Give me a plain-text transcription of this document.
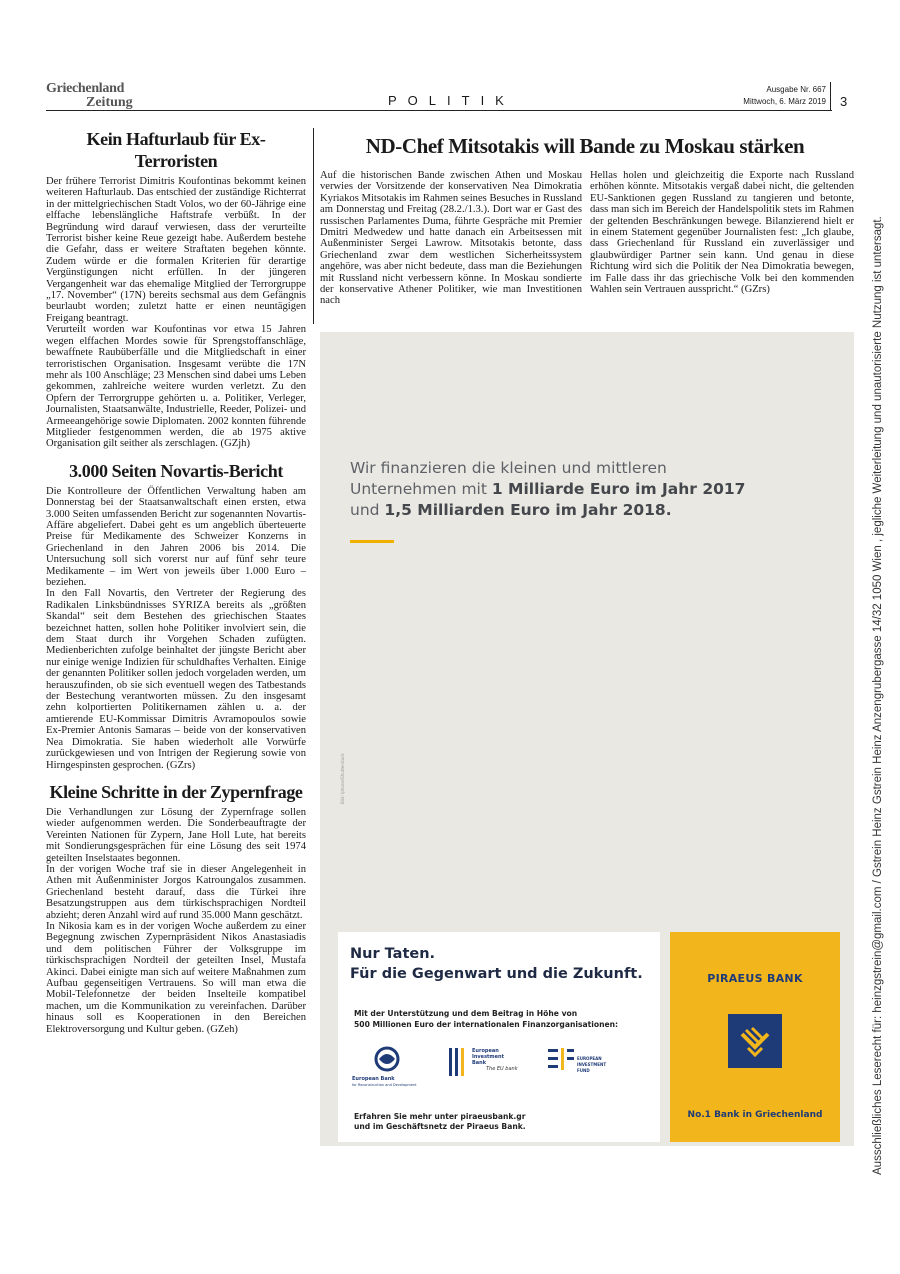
Griechenland
Zeitung	POLITIK
Ausgabe Nr. 667
Mittwoch, 6. März 2019 3
Ausschließliches Leserecht für: heinzgstrein@gmail.com / Gstrein Heinz Gstrein Heinz Anzengrubergasse 14/32 1050 Wien , jegliche Weiterleitung und unautorisierte Nutzung ist untersagt.
Kein Hafturlaub für Ex-Terroristen
Der frühere Terrorist Dimitris Koufontinas bekommt keinen weiteren Hafturlaub. Das entschied der zuständige Richterrat in der mittelgriechischen Stadt Volos, wo der 60-Jährige eine elffache lebenslängliche Haftstrafe verbüßt. In der Begründung wird darauf verwiesen, dass der verurteilte Terrorist bisher keine Reue gezeigt habe. Außerdem bestehe die Gefahr, dass er weitere Straftaten begehen könnte. Zudem würde er die formalen Kriterien für derartige Vergünstigungen nicht erfüllen. In der jüngeren Vergangenheit war das ehemalige Mitglied der Terrorgruppe „17. November“ (17N) bereits sechsmal aus dem Gefängnis beurlaubt worden; zuletzt hatte er einen neuntägigen Freigang beantragt.
Verurteilt worden war Koufontinas vor etwa 15 Jahren wegen elffachen Mordes sowie für Sprengstoffanschläge, bewaffnete Raubüberfälle und die Mitgliedschaft in einer terroristischen Organisation. Insgesamt verübte die 17N mehr als 100 Anschläge; 23 Menschen sind dabei ums Leben gekommen, zahlreiche weitere wurden verletzt. Zu den Opfern der Terrorgruppe gehörten u. a. Politiker, Verleger, Journalisten, Staatsanwälte, Industrielle, Reeder, Polizei- und Armeeangehörige sowie Diplomaten. 2002 konnten führende Mitglieder festgenommen werden, die ab 1975 aktive Organisation gilt seither als zerschlagen. (GZjh)
3.000 Seiten Novartis-Bericht
Die Kontrolleure der Öffentlichen Verwaltung haben am Donnerstag bei der Staatsanwaltschaft einen ersten, etwa 3.000 Seiten umfassenden Bericht zur sogenannten Novartis-Affäre abgeliefert. Dabei geht es um angeblich überteuerte Preise für Medikamente des Schweizer Konzerns in Griechenland in den Jahren 2006 bis 2014. Die Untersuchung soll sich vorerst nur auf fünf sehr teure Medikamente – im Wert von jeweils über 1.000 Euro – beziehen.
In den Fall Novartis, den Vertreter der Regierung des Radikalen Linksbündnisses SYRIZA bereits als „größten Skandal“ seit dem Bestehen des griechischen Staates bezeichnet hatten, sollen hohe Politiker involviert sein, die dem Staat durch ihr Vorgehen Schaden zufügten. Medienberichten zufolge beinhaltet der jüngste Bericht aber nur einige wenige Indizien für schuldhaftes Verhalten. Einige der genannten Politiker sollen jedoch vorgeladen werden, um herauszufinden, ob sie sich eventuell wegen des Tatbestands der Bestechung verantworten müssen. Zu den insgesamt zehn kolportierten Politikernamen zählen u. a. der amtierende EU-Kommissar Dimitris Avramopoulos sowie Ex-Premier Antonis Samaras – beide von der konservativen Nea Dimokratia. Sie haben wiederholt alle Vorwürfe zurückgewiesen und von Intrigen der Regierung sowie von Hirngespinsten gesprochen. (GZrs)
Kleine Schritte in der Zypernfrage
Die Verhandlungen zur Lösung der Zypernfrage sollen wieder aufgenommen werden. Die Sonderbeauftragte der Vereinten Nationen für Zypern, Jane Holl Lute, hat bereits mit Sondierungsgesprächen für eine Lösung des seit 1974 geteilten Inselstaates begonnen.
In der vorigen Woche traf sie in dieser Angelegenheit in Athen mit Außenminister Jorgos Katroungalos zusammen. Griechenland besteht darauf, dass die Türkei ihre Besatzungstruppen aus dem türkischsprachigen Nordteil abzieht; deren Anzahl wird auf rund 35.000 Mann geschätzt.
In Nikosia kam es in der vorigen Woche außerdem zu einer Begegnung zwischen Zypernpräsident Nikos Anastasiadis und dem politischen Führer der Volksgruppe im türkischsprachigen Nordteil der geteilten Insel, Mustafa Akinci. Dabei einigte man sich auf weitere Maßnahmen zum Aufbau gegenseitigen Vertrauens. So will man etwa die Mobil-Telefonnetze der beiden Inselteile kompatibel machen, um die Kommunikation zu vereinfachen. Darüber hinaus soll es Kooperationen in den Bereichen Elektroversorgung und Kultur geben. (GZeh)
ND-Chef Mitsotakis will Bande zu Moskau stärken
Auf die historischen Bande zwischen Athen und Moskau verwies der Vorsitzende der konservativen Nea Dimokratia Kyriakos Mitsotakis im Rahmen seines Besuches in Russland am Donnerstag und Freitag (28.2./1.3.). Dort war er Gast des russischen Parlamentes Duma, führte Gespräche mit Premier Dmitri Medwedew und hatte danach ein Arbeitsessen mit Außenminister Sergei Lawrow. Mitsotakis betonte, dass Griechenland zwar dem westlichen Sicherheitssystem angehöre, was aber nicht bedeute, dass man die Beziehungen mit Russland nicht verbessern könne. In Moskau sondierte der konservative Athener Politiker, wie man Investitionen nach
Hellas holen und gleichzeitig die Exporte nach Russland erhöhen könnte. Mitsotakis vergaß dabei nicht, die geltenden EU-Sanktionen gegen Russland zu tangieren und betonte, dass man sich im Bereich der Handelspolitik stets im Rahmen der geltenden Beschränkungen bewege. Bilanzierend hielt er in einem Statement gegenüber Journalisten fest: „Ich glaube, dass Griechenland für Russland ein zuverlässiger und glaubwürdiger Partner sein kann. Und genau in diese Richtung wird sich die Politik der Nea Dimokratia bewegen, im Falle dass ihr das griechische Volk bei den kommenden Wahlen sein Vertrauen ausspricht.“ (GZrs)
Wir finanzieren die kleinen und mittleren
Unternehmen mit 1 Milliarde Euro im Jahr 2017
und 1,5 Milliarden Euro im Jahr 2018.
Bild: Iphone/Shutterstock
Nur Taten.
Für die Gegenwart und die Zukunft.
Mit der Unterstützung und dem Beitrag in Höhe von
500 Millionen Euro der internationalen Finanzorganisationen:
European Bank
for Reconstruction and Development
European
Investment
Bank
The EU bank
EUROPEAN
INVESTMENT
FUND
Erfahren Sie mehr unter piraeusbank.gr
und im Geschäftsnetz der Piraeus Bank.
PIRAEUS BANK
No.1 Bank in Griechenland
